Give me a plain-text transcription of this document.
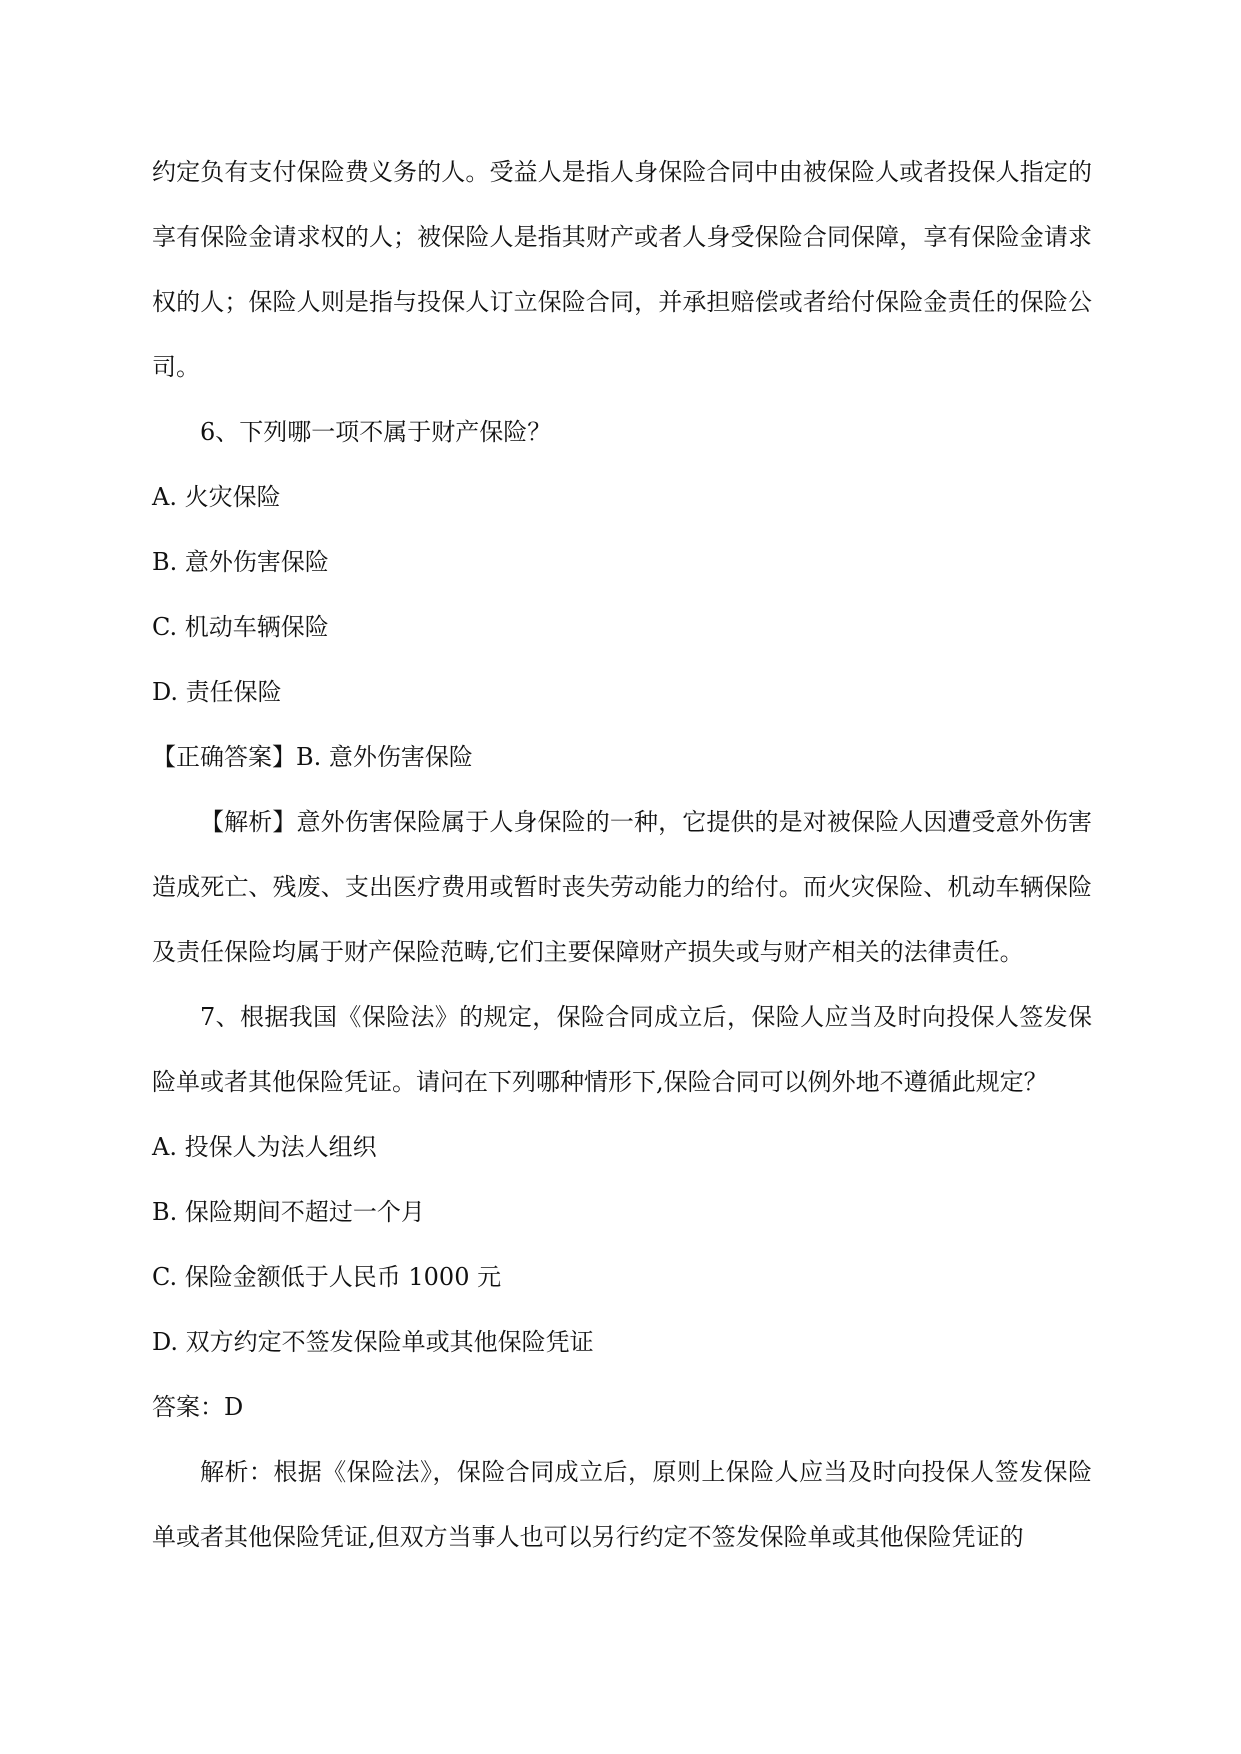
约定负有支付保险费义务的人。受益人是指人身保险合同中由被保险人或者投保人指定的享有保险金请求权的人；被保险人是指其财产或者人身受保险合同保障，享有保险金请求权的人；保险人则是指与投保人订立保险合同，并承担赔偿或者给付保险金责任的保险公司。

6、下列哪一项不属于财产保险？

A. 火灾保险

B. 意外伤害保险

C. 机动车辆保险

D. 责任保险

【正确答案】B. 意外伤害保险

【解析】意外伤害保险属于人身保险的一种，它提供的是对被保险人因遭受意外伤害造成死亡、残废、支出医疗费用或暂时丧失劳动能力的给付。而火灾保险、机动车辆保险及责任保险均属于财产保险范畴,它们主要保障财产损失或与财产相关的法律责任。

7、根据我国《保险法》的规定，保险合同成立后，保险人应当及时向投保人签发保险单或者其他保险凭证。请问在下列哪种情形下,保险合同可以例外地不遵循此规定？

A. 投保人为法人组织

B. 保险期间不超过一个月

C. 保险金额低于人民币 1000 元

D. 双方约定不签发保险单或其他保险凭证

答案：D

解析：根据《保险法》，保险合同成立后，原则上保险人应当及时向投保人签发保险单或者其他保险凭证,但双方当事人也可以另行约定不签发保险单或其他保险凭证的
